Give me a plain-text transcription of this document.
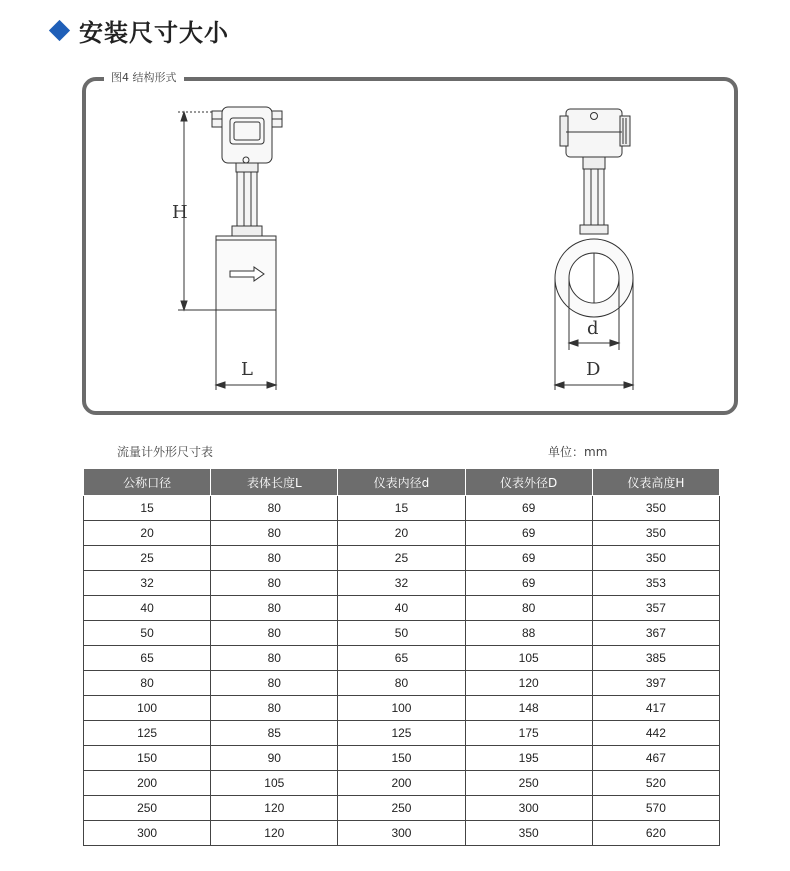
安装尺寸大小
图4 结构形式
H
L
d
D
流量计外形尺寸表	单位：mm
公称口径	表体长度L	仪表内径d	仪表外径D	仪表高度H
15	80	15	69	350
20	80	20	69	350
25	80	25	69	350
32	80	32	69	353
40	80	40	80	357
50	80	50	88	367
65	80	65	105	385
80	80	80	120	397
100	80	100	148	417
125	85	125	175	442
150	90	150	195	467
200	105	200	250	520
250	120	250	300	570
300	120	300	350	620
